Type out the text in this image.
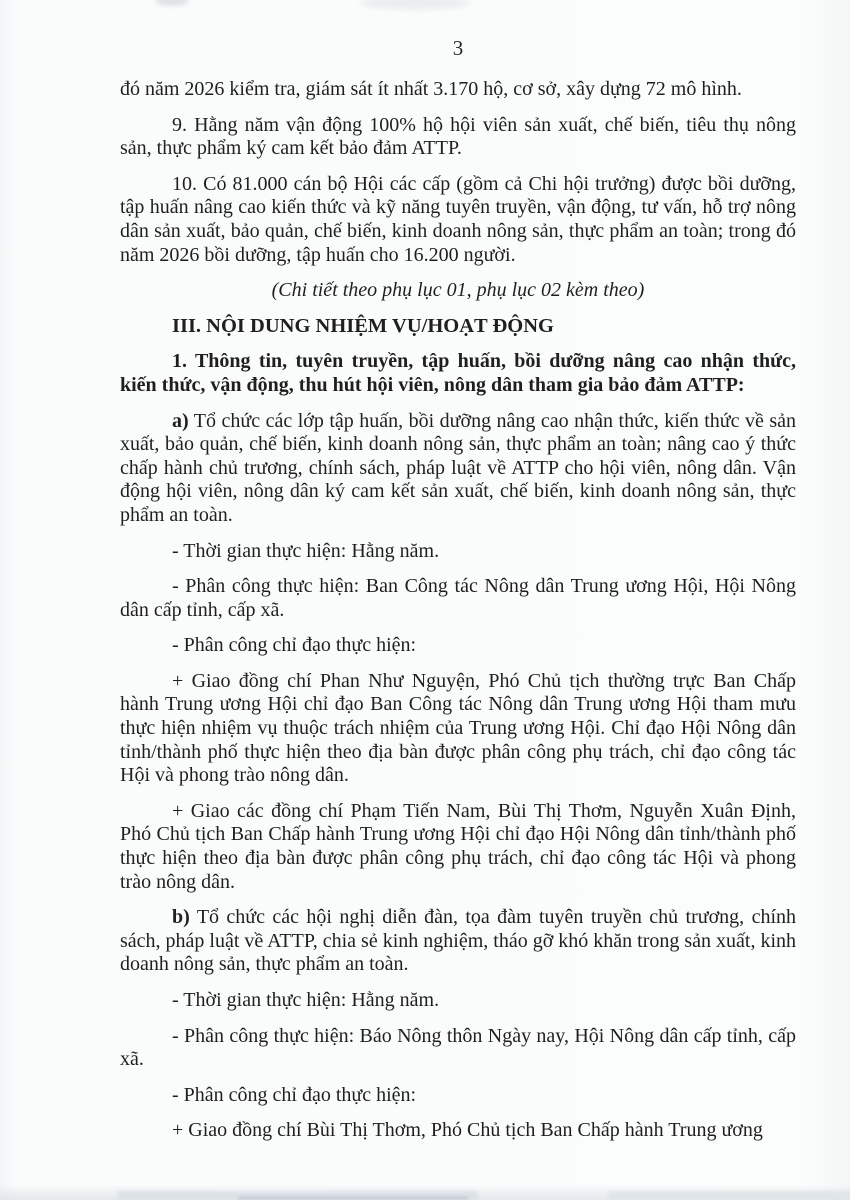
3

đó năm 2026 kiểm tra, giám sát ít nhất 3.170 hộ, cơ sở, xây dựng 72 mô hình.

9. Hằng năm vận động 100% hộ hội viên sản xuất, chế biến, tiêu thụ nông sản, thực phẩm ký cam kết bảo đảm ATTP.

10. Có 81.000 cán bộ Hội các cấp (gồm cả Chi hội trưởng) được bồi dưỡng, tập huấn nâng cao kiến thức và kỹ năng tuyên truyền, vận động, tư vấn, hỗ trợ nông dân sản xuất, bảo quản, chế biến, kinh doanh nông sản, thực phẩm an toàn; trong đó năm 2026 bồi dưỡng, tập huấn cho 16.200 người.

(Chi tiết theo phụ lục 01, phụ lục 02 kèm theo)

III. NỘI DUNG NHIỆM VỤ/HOẠT ĐỘNG

1. Thông tin, tuyên truyền, tập huấn, bồi dưỡng nâng cao nhận thức, kiến thức, vận động, thu hút hội viên, nông dân tham gia bảo đảm ATTP:

a) Tổ chức các lớp tập huấn, bồi dưỡng nâng cao nhận thức, kiến thức về sản xuất, bảo quản, chế biến, kinh doanh nông sản, thực phẩm an toàn; nâng cao ý thức chấp hành chủ trương, chính sách, pháp luật về ATTP cho hội viên, nông dân. Vận động hội viên, nông dân ký cam kết sản xuất, chế biến, kinh doanh nông sản, thực phẩm an toàn.

- Thời gian thực hiện: Hằng năm.

- Phân công thực hiện: Ban Công tác Nông dân Trung ương Hội, Hội Nông dân cấp tỉnh, cấp xã.

- Phân công chỉ đạo thực hiện:

+ Giao đồng chí Phan Như Nguyện, Phó Chủ tịch thường trực Ban Chấp hành Trung ương Hội chỉ đạo Ban Công tác Nông dân Trung ương Hội tham mưu thực hiện nhiệm vụ thuộc trách nhiệm của Trung ương Hội. Chỉ đạo Hội Nông dân tỉnh/thành phố thực hiện theo địa bàn được phân công phụ trách, chỉ đạo công tác Hội và phong trào nông dân.

+ Giao các đồng chí Phạm Tiến Nam, Bùi Thị Thơm, Nguyễn Xuân Định, Phó Chủ tịch Ban Chấp hành Trung ương Hội chỉ đạo Hội Nông dân tỉnh/thành phố thực hiện theo địa bàn được phân công phụ trách, chỉ đạo công tác Hội và phong trào nông dân.

b) Tổ chức các hội nghị diễn đàn, tọa đàm tuyên truyền chủ trương, chính sách, pháp luật về ATTP, chia sẻ kinh nghiệm, tháo gỡ khó khăn trong sản xuất, kinh doanh nông sản, thực phẩm an toàn.

- Thời gian thực hiện: Hằng năm.

- Phân công thực hiện: Báo Nông thôn Ngày nay, Hội Nông dân cấp tỉnh, cấp xã.

- Phân công chỉ đạo thực hiện:

+ Giao đồng chí Bùi Thị Thơm, Phó Chủ tịch Ban Chấp hành Trung ương
